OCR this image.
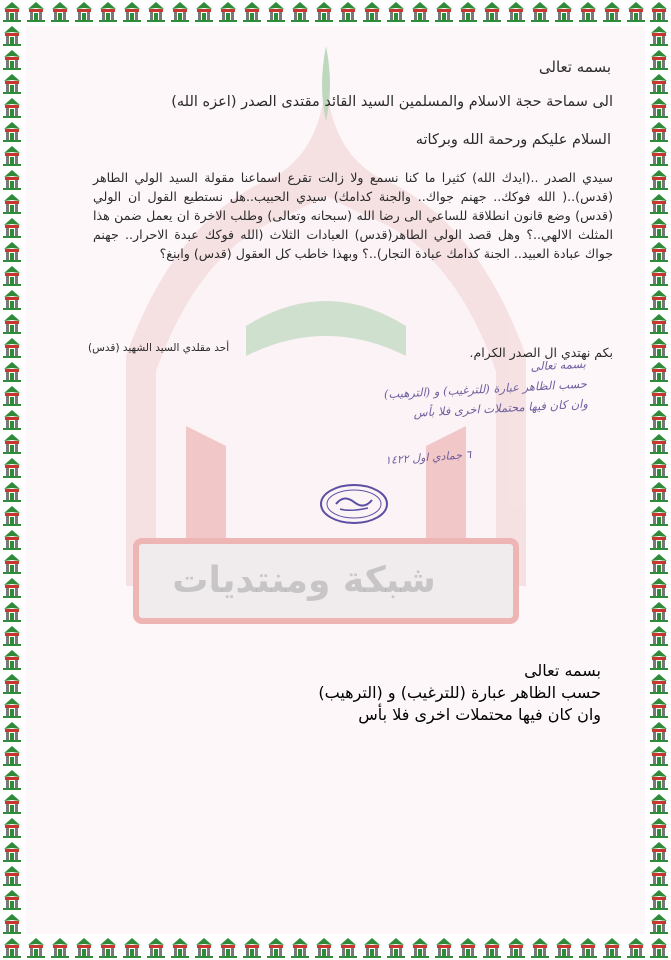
شبكة ومنتديات
بسمه تعالى
الى سماحة حجة الاسلام والمسلمين السيد القائد مقتدى الصدر (اعزه الله)
السلام عليكم ورحمة الله وبركاته
سيدي الصدر ..(ايدك الله) كثيرا ما كنا نسمع ولا زالت تقرع اسماعنا مقولة السيد الولي الطاهر (قدس)..( الله فوكك.. جهنم جواك.. والجنة كدامك) سيدي الحبيب..هل نستطيع القول ان الولي (قدس) وضع قانون انطلاقة للساعي الى رضا الله (سبحانه وتعالى) وطلب الاخرة ان يعمل ضمن هذا المثلث الالهي..؟ وهل قصد الولي الطاهر(قدس) العبادات الثلاث (الله فوكك عبدة الاحرار.. جهنم جواك عبادة العبيد.. الجنة كدامك عبادة التجار)..؟ وبهذا خاطب كل العقول (قدس) وابنغ؟
بكم نهتدي ال الصدر الكرام.
أحد مقلدي السيد الشهيد (قدس)
بسمه تعالى
حسب الظاهر عبارة (للترغيب) و (الترهيب)
وان كان فيها محتملات اخرى فلا بأس
٦ جمادي اول ١٤٢٢
بسمه تعالى
حسب الظاهر عبارة (للترغيب) و (الترهيب)
وان كان فيها محتملات اخرى فلا بأس
